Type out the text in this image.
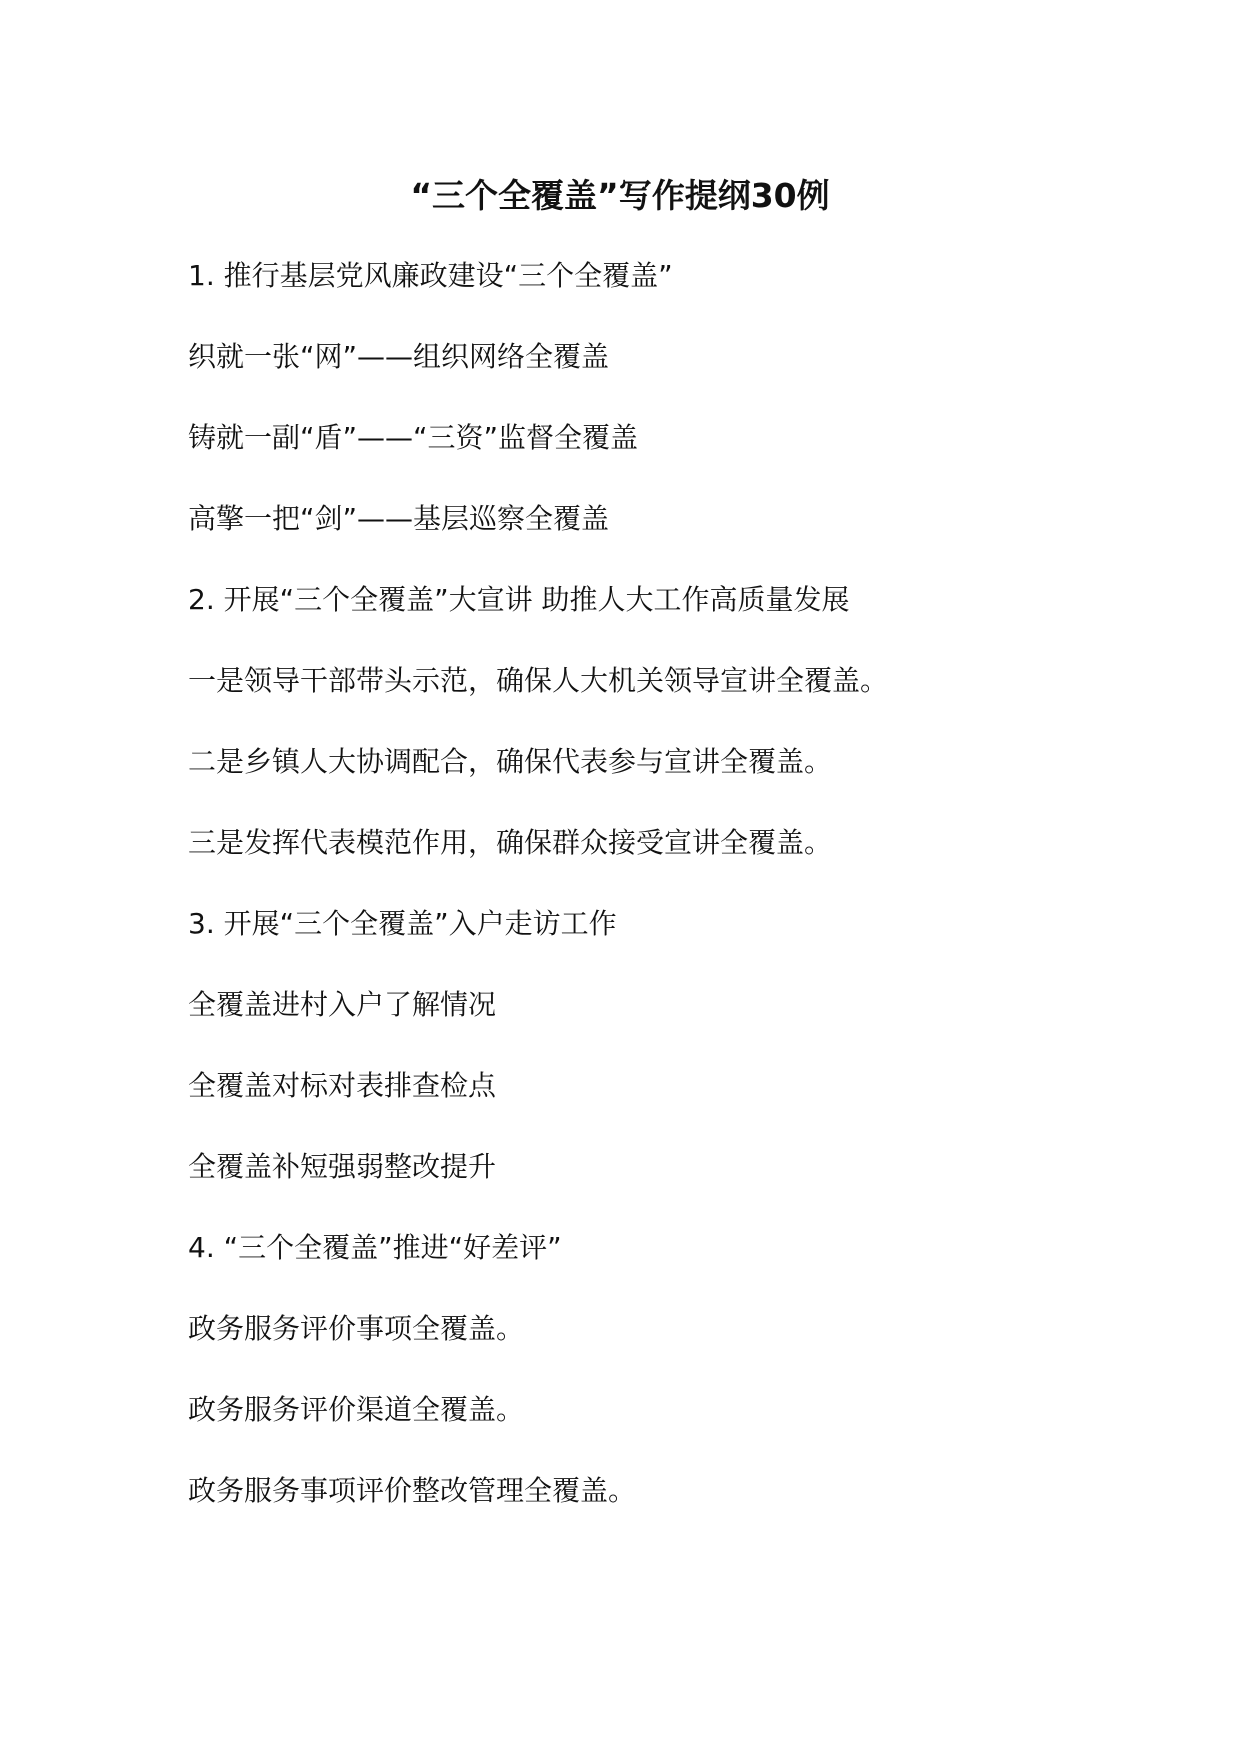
“三个全覆盖”写作提纲30例
1. 推行基层党风廉政建设“三个全覆盖”
织就一张“网”——组织网络全覆盖
铸就一副“盾”——“三资”监督全覆盖
高擎一把“剑”——基层巡察全覆盖
2. 开展“三个全覆盖”大宣讲 助推人大工作高质量发展
一是领导干部带头示范，确保人大机关领导宣讲全覆盖。
二是乡镇人大协调配合，确保代表参与宣讲全覆盖。
三是发挥代表模范作用，确保群众接受宣讲全覆盖。
3. 开展“三个全覆盖”入户走访工作
全覆盖进村入户了解情况
全覆盖对标对表排查检点
全覆盖补短强弱整改提升
4. “三个全覆盖”推进“好差评”
政务服务评价事项全覆盖。
政务服务评价渠道全覆盖。
政务服务事项评价整改管理全覆盖。
